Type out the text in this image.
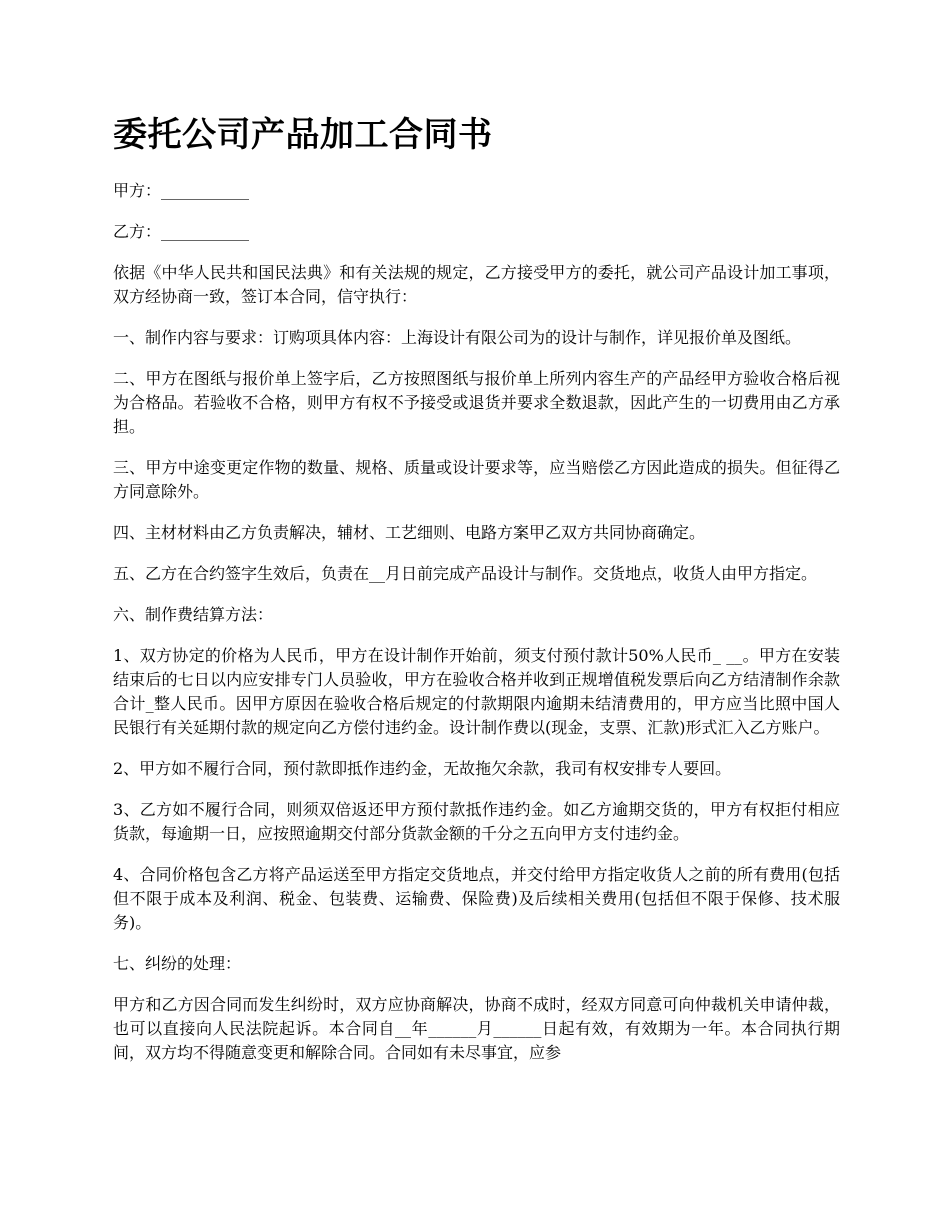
委托公司产品加工合同书

甲方：___________

乙方：___________

依据《中华人民共和国民法典》和有关法规的规定，乙方接受甲方的委托，就公司产品设计加工事项，双方经协商一致，签订本合同，信守执行：

一、制作内容与要求：订购项具体内容：上海设计有限公司为的设计与制作，详见报价单及图纸。

二、甲方在图纸与报价单上签字后，乙方按照图纸与报价单上所列内容生产的产品经甲方验收合格后视为合格品。若验收不合格，则甲方有权不予接受或退货并要求全数退款，因此产生的一切费用由乙方承担。

三、甲方中途变更定作物的数量、规格、质量或设计要求等，应当赔偿乙方因此造成的损失。但征得乙方同意除外。

四、主材材料由乙方负责解决，辅材、工艺细则、电路方案甲乙双方共同协商确定。

五、乙方在合约签字生效后，负责在__月日前完成产品设计与制作。交货地点，收货人由甲方指定。

六、制作费结算方法：

1、双方协定的价格为人民币，甲方在设计制作开始前，须支付预付款计50%人民币_ __。甲方在安装结束后的七日以内应安排专门人员验收，甲方在验收合格并收到正规增值税发票后向乙方结清制作余款合计_整人民币。因甲方原因在验收合格后规定的付款期限内逾期未结清费用的，甲方应当比照中国人民银行有关延期付款的规定向乙方偿付违约金。设计制作费以(现金，支票、汇款)形式汇入乙方账户。

2、甲方如不履行合同，预付款即抵作违约金，无故拖欠余款，我司有权安排专人要回。

3、乙方如不履行合同，则须双倍返还甲方预付款抵作违约金。如乙方逾期交货的，甲方有权拒付相应货款，每逾期一日，应按照逾期交付部分货款金额的千分之五向甲方支付违约金。

4、合同价格包含乙方将产品运送至甲方指定交货地点，并交付给甲方指定收货人之前的所有费用(包括但不限于成本及利润、税金、包装费、运输费、保险费)及后续相关费用(包括但不限于保修、技术服务)。

七、纠纷的处理：

甲方和乙方因合同而发生纠纷时，双方应协商解决，协商不成时，经双方同意可向仲裁机关申请仲裁，也可以直接向人民法院起诉。本合同自__年______月______日起有效，有效期为一年。本合同执行期间，双方均不得随意变更和解除合同。合同如有未尽事宜，应参
